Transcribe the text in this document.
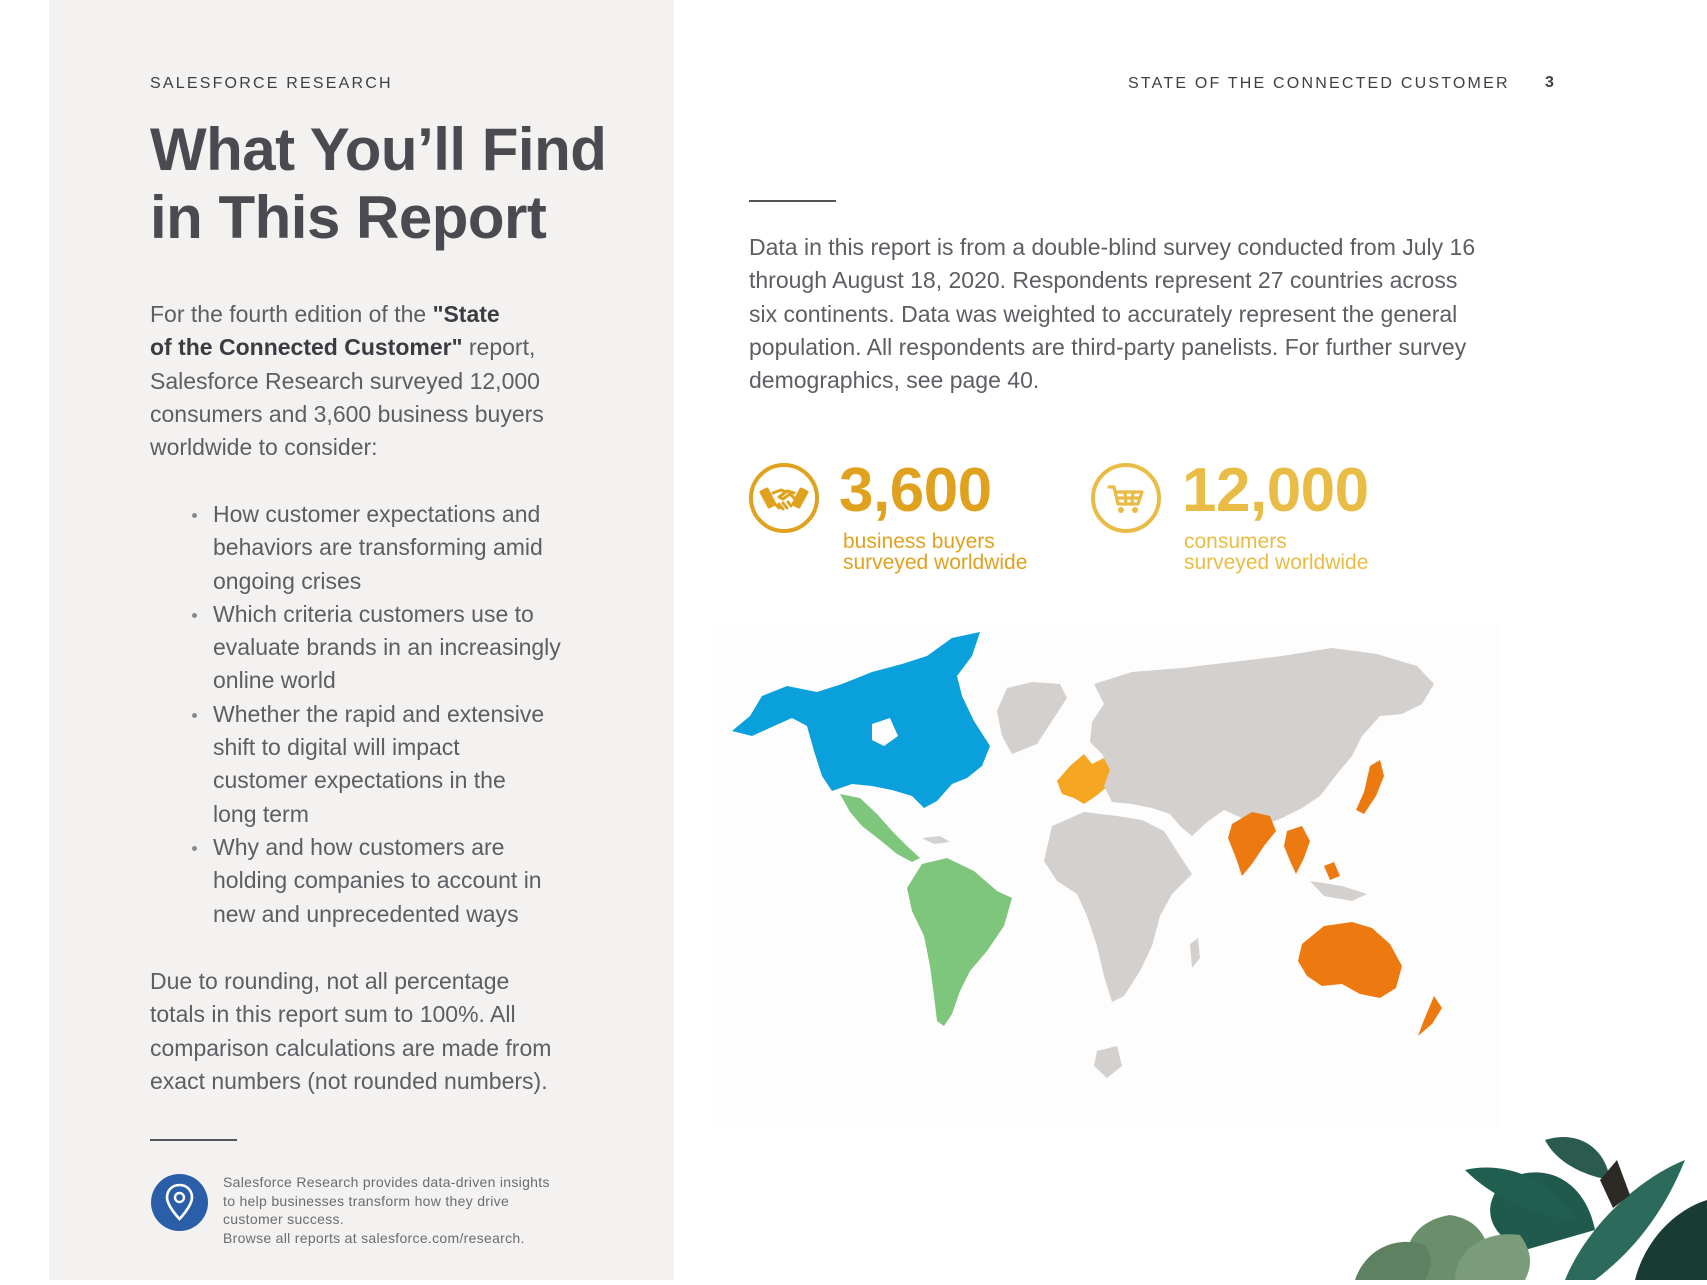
SALESFORCE RESEARCH	STATE OF THE CONNECTED CUSTOMER 3
What You’ll Find
in This Report
For the fourth edition of the "State
of the Connected Customer" report,
Salesforce Research surveyed 12,000
consumers and 3,600 business buyers
worldwide to consider:
How customer expectations and
behaviors are transforming amid
ongoing crises
Which criteria customers use to
evaluate brands in an increasingly
online world
Whether the rapid and extensive
shift to digital will impact
customer expectations in the
long term
Why and how customers are
holding companies to account in
new and unprecedented ways
Due to rounding, not all percentage
totals in this report sum to 100%. All
comparison calculations are made from
exact numbers (not rounded numbers).
Salesforce Research provides data-driven insights
to help businesses transform how they drive
customer success.
Browse all reports at salesforce.com/research.
Data in this report is from a double-blind survey conducted from July 16
through August 18, 2020. Respondents represent 27 countries across
six continents. Data was weighted to accurately represent the general
population. All respondents are third-party panelists. For further survey
demographics, see page 40.
3,600
business buyers
surveyed worldwide
12,000
consumers
surveyed worldwide
